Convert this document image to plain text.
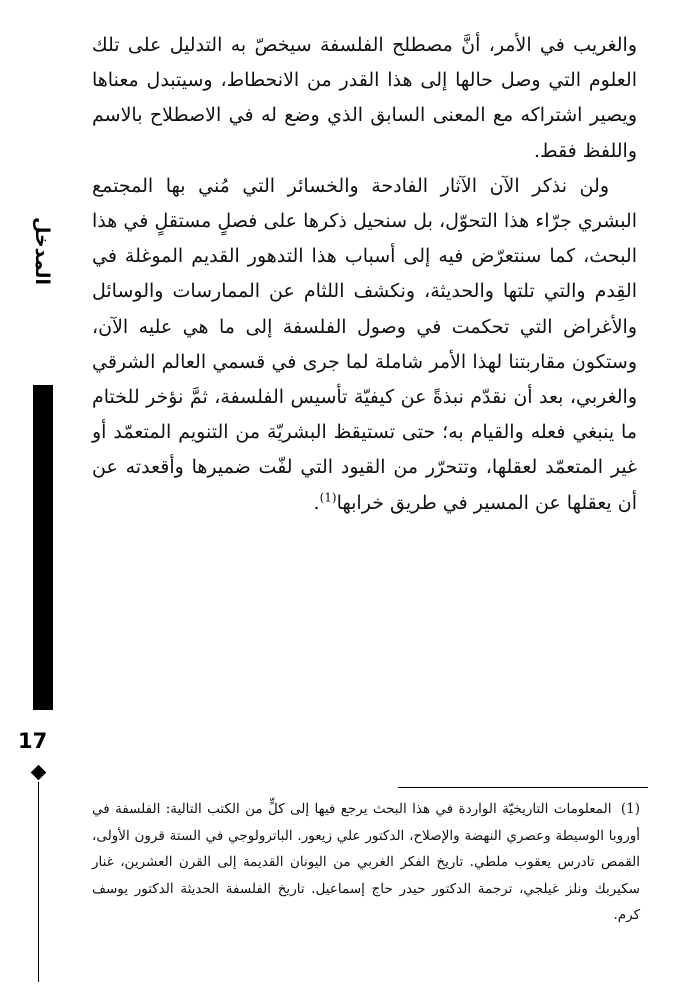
المدخل
17

والغريب في الأمر، أنَّ مصطلح الفلسفة سيخصّ به التدليل على تلك العلوم التي وصل حالها إلى هذا القدر من الانحطاط، وسيتبدل معناها ويصير اشتراكه مع المعنى السابق الذي وضع له في الاصطلاح بالاسم واللفظ فقط.

ولن نذكر الآن الآثار الفادحة والخسائر التي مُني بها المجتمع البشري جرّاء هذا التحوّل، بل سنحيل ذكرها على فصلٍ مستقلٍ في هذا البحث، كما سنتعرّض فيه إلى أسباب هذا التدهور القديم الموغلة في القِدم والتي تلتها والحديثة، ونكشف اللثام عن الممارسات والوسائل والأغراض التي تحكمت في وصول الفلسفة إلى ما هي عليه الآن، وستكون مقاربتنا لهذا الأمر شاملة لما جرى في قسمي العالم الشرقي والغربي، بعد أن نقدّم نبذةً عن كيفيّة تأسيس الفلسفة، ثمَّ نؤخر للختام ما ينبغي فعله والقيام به؛ حتى تستيقظ البشريّة من التنويم المتعمّد أو غير المتعمّد لعقلها، وتتحرّر من القيود التي لفّت ضميرها وأقعدته عن أن يعقلها عن المسير في طريق خرابها$^{(1)}$.

(1) المعلومات التاريخيّة الواردة في هذا البحث يرجع فيها إلى كلٍّ من الكتب التالية: الفلسفة في أوروبا الوسيطة وعصري النهضة والإصلاح، الدكتور علي زيعور. الباترولوجي في الستة قرون الأولى، القمص تادرس يعقوب ملطي. تاريخ الفكر الغربي من اليونان القديمة إلى القرن العشرين، غنار سكيربك ونلز غيلجي، ترجمة الدكتور حيدر حاج إسماعيل. تاريخ الفلسفة الحديثة الدكتور يوسف كرم.
